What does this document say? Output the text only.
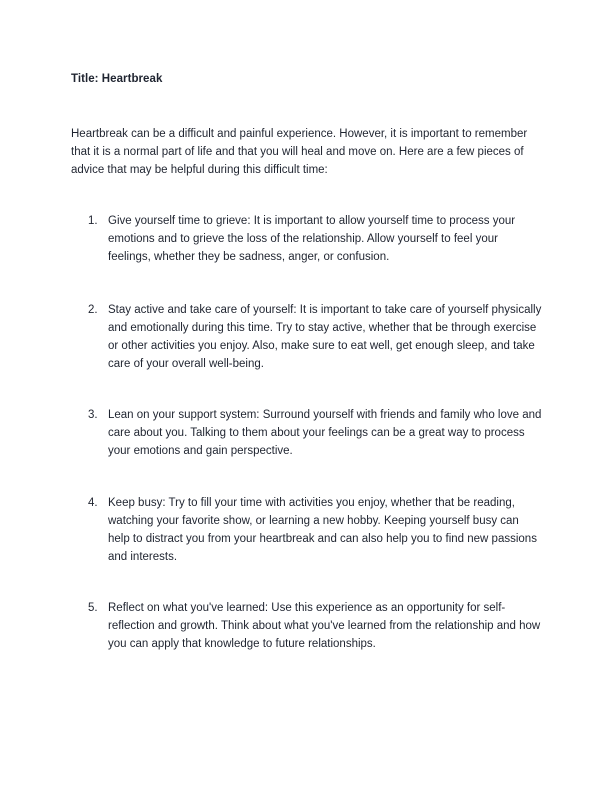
Title: Heartbreak

Heartbreak can be a difficult and painful experience. However, it is important to remember that it is a normal part of life and that you will heal and move on. Here are a few pieces of advice that may be helpful during this difficult time:

1. Give yourself time to grieve: It is important to allow yourself time to process your emotions and to grieve the loss of the relationship. Allow yourself to feel your feelings, whether they be sadness, anger, or confusion.
2. Stay active and take care of yourself: It is important to take care of yourself physically and emotionally during this time. Try to stay active, whether that be through exercise or other activities you enjoy. Also, make sure to eat well, get enough sleep, and take care of your overall well-being.
3. Lean on your support system: Surround yourself with friends and family who love and care about you. Talking to them about your feelings can be a great way to process your emotions and gain perspective.
4. Keep busy: Try to fill your time with activities you enjoy, whether that be reading, watching your favorite show, or learning a new hobby. Keeping yourself busy can help to distract you from your heartbreak and can also help you to find new passions and interests.
5. Reflect on what you've learned: Use this experience as an opportunity for self-reflection and growth. Think about what you've learned from the relationship and how you can apply that knowledge to future relationships.
